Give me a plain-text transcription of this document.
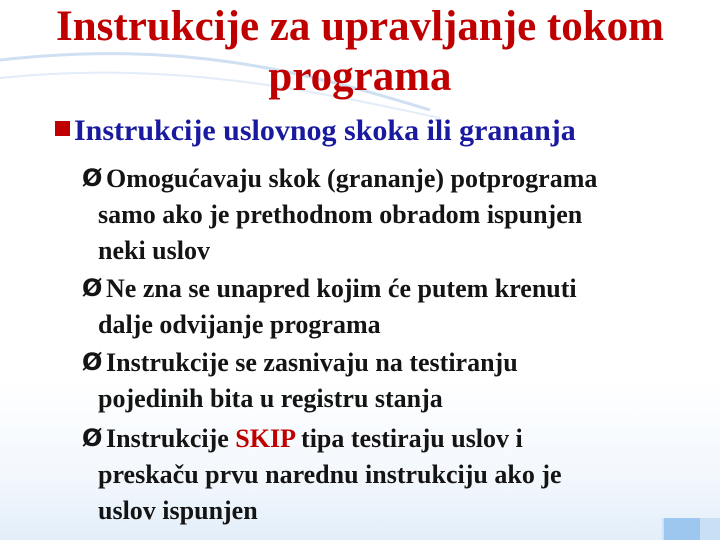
Instrukcije za upravljanje tokom
programa
Instrukcije uslovnog skoka ili grananja
Ø Omogućavaju skok (grananje) potprograma
samo ako je prethodnom obradom ispunjen
neki uslov
Ø Ne zna se unapred kojim će putem krenuti
dalje odvijanje programa
Ø Instrukcije se zasnivaju na testiranju
pojedinih bita u registru stanja
Ø Instrukcije SKIP tipa testiraju uslov i
preskaču prvu narednu instrukciju ako je
uslov ispunjen
